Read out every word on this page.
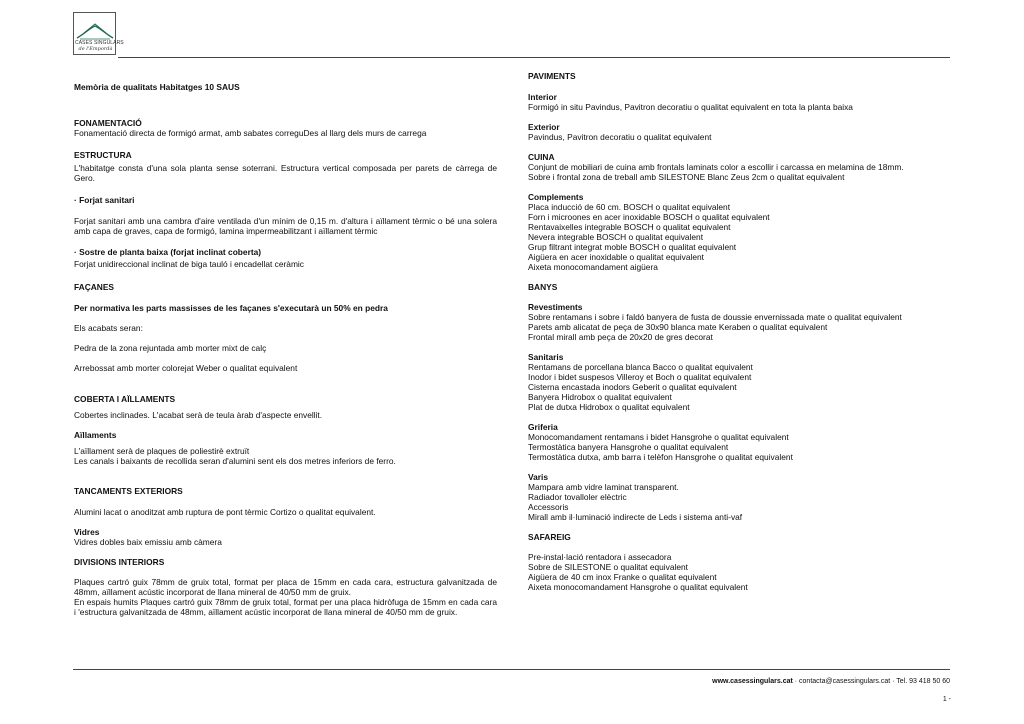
CASES SINGULARS
de l'Empordà

Memòria de qualitats Habitatges 10 SAUS

FONAMENTACIÓ

Fonamentació directa de formigó armat, amb sabates correguDes al llarg dels murs de carrega

ESTRUCTURA

L'habitatge consta d'una sola planta sense soterrani. Estructura vertical composada per parets de càrrega de Gero.

· Forjat sanitari

Forjat sanitari amb una cambra d'aire ventilada d'un mínim de 0,15 m. d'altura i aïllament tèrmic o bé una solera amb capa de graves, capa de formigó, lamina impermeabilitzant i aïllament tèrmic

· Sostre de planta baixa (forjat inclinat coberta)

Forjat unidireccional inclinat de biga tauló i encadellat ceràmic

FAÇANES

Per normativa les parts massisses de les façanes s'executarà un 50% en pedra

Els acabats seran:

Pedra de la zona rejuntada amb morter mixt de calç

Arrebossat amb morter colorejat Weber o qualitat equivalent

COBERTA I AÏLLAMENTS

Cobertes inclinades. L'acabat serà de teula àrab d'aspecte envellit.

Aïllaments

L'aïllament serà de plaques de poliestirè extruït

Les canals i baixants de recollida seran d'alumini sent els dos metres inferiors de ferro.

TANCAMENTS EXTERIORS

Alumini lacat o anoditzat amb ruptura de pont tèrmic Cortizo o qualitat equivalent.

Vidres

Vidres dobles baix emissiu amb càmera

DIVISIONS INTERIORS

Plaques cartró guix 78mm de gruix total, format per placa de 15mm en cada cara, estructura galvanitzada de 48mm, aïllament acústic incorporat de llana mineral de 40/50 mm de gruix.

En espais humits Plaques cartró guix 78mm de gruix total, format per una placa hidròfuga de 15mm en cada cara i 'estructura galvanitzada de 48mm, aïllament acústic incorporat de llana mineral de 40/50 mm de gruix.

PAVIMENTS

Interior

Formigó in situ Pavindus, Pavitron decoratiu o qualitat equivalent en tota la planta baixa

Exterior

Pavindus, Pavitron decoratiu o qualitat equivalent

CUINA

Conjunt de mobiliari de cuina amb frontals laminats color a escollir i carcassa en melamina de 18mm.

Sobre i frontal zona de treball amb SILESTONE Blanc Zeus 2cm o qualitat equivalent

Complements

Placa inducció de 60 cm. BOSCH o qualitat equivalent

Forn i microones en acer inoxidable BOSCH o qualitat equivalent

Rentavaixelles integrable BOSCH o qualitat equivalent

Nevera integrable BOSCH o qualitat equivalent

Grup filtrant integrat moble BOSCH o qualitat equivalent

Aigüera en acer inoxidable o qualitat equivalent

Aixeta monocomandament aigüera

BANYS

Revestiments

Sobre rentamans i sobre i faldó banyera de fusta de doussie envernissada mate o qualitat equivalent

Parets amb alicatat de peça de 30x90 blanca mate Keraben o qualitat equivalent

Frontal mirall amb peça de 20x20 de gres decorat

Sanitaris

Rentamans de porcellana blanca Bacco o qualitat equivalent

Inodor i bidet suspesos Villeroy et Boch o qualitat equivalent

Cisterna encastada inodors Geberit o qualitat equivalent

Banyera Hidrobox o qualitat equivalent

Plat de dutxa Hidrobox o qualitat equivalent

Griferia

Monocomandament rentamans i bidet Hansgrohe o qualitat equivalent

Termostàtica banyera Hansgrohe o qualitat equivalent

Termostàtica dutxa, amb barra i telèfon Hansgrohe o qualitat equivalent

Varis

Mampara amb vidre laminat transparent.

Radiador tovalloler elèctric

Accessoris

Mirall amb il·luminació indirecte de Leds i sistema anti-vaf

SAFAREIG

Pre-instal·lació rentadora i assecadora

Sobre de SILESTONE o qualitat equivalent

Aigüera de 40 cm inox Franke o qualitat equivalent

Aixeta monocomandament Hansgrohe o qualitat equivalent

www.casessingulars.cat · contacta@casessingulars.cat · Tel. 93 418 50 60
1 -
